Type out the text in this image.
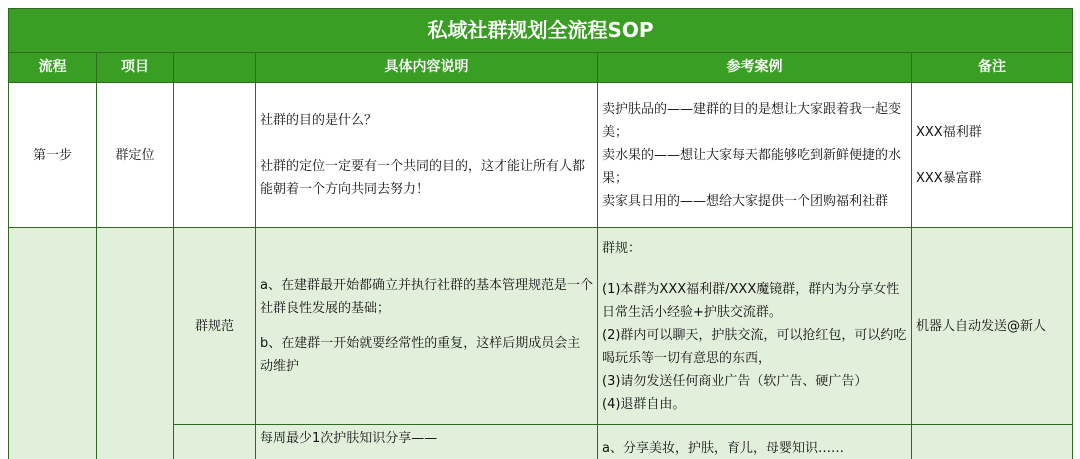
私域社群规划全流程SOP					
流程	项目		具体内容说明	参考案例	备注
第一步	群定位		社群的目的是什么？
社群的定位一定要有一个共同的目的，这才能让所有人都能朝着一个方向共同去努力！	卖护肤品的——建群的目的是想让大家跟着我一起变美；
卖水果的——想让大家每天都能够吃到新鲜便捷的水果；
卖家具日用的——想给大家提供一个团购福利社群	XXX福利群
XXX暴富群

		群规范	a、在建群最开始都确立并执行社群的基本管理规范是一个社群良性发展的基础；
b、在建群一开始就要经常性的重复，这样后期成员会主动维护	群规：
(1)本群为XXX福利群/XXX魔镜群，群内为分享女性日常生活小经验+护肤交流群。
(2)群内可以聊天，护肤交流，可以抢红包，可以约吃喝玩乐等一切有意思的东西，
(3)请勿发送任何商业广告（软广告、硬广告）
(4)退群自由。	机器人自动发送@新人

			每周最少1次护肤知识分享——	a、分享美妆，护肤，育儿，母婴知识……	
